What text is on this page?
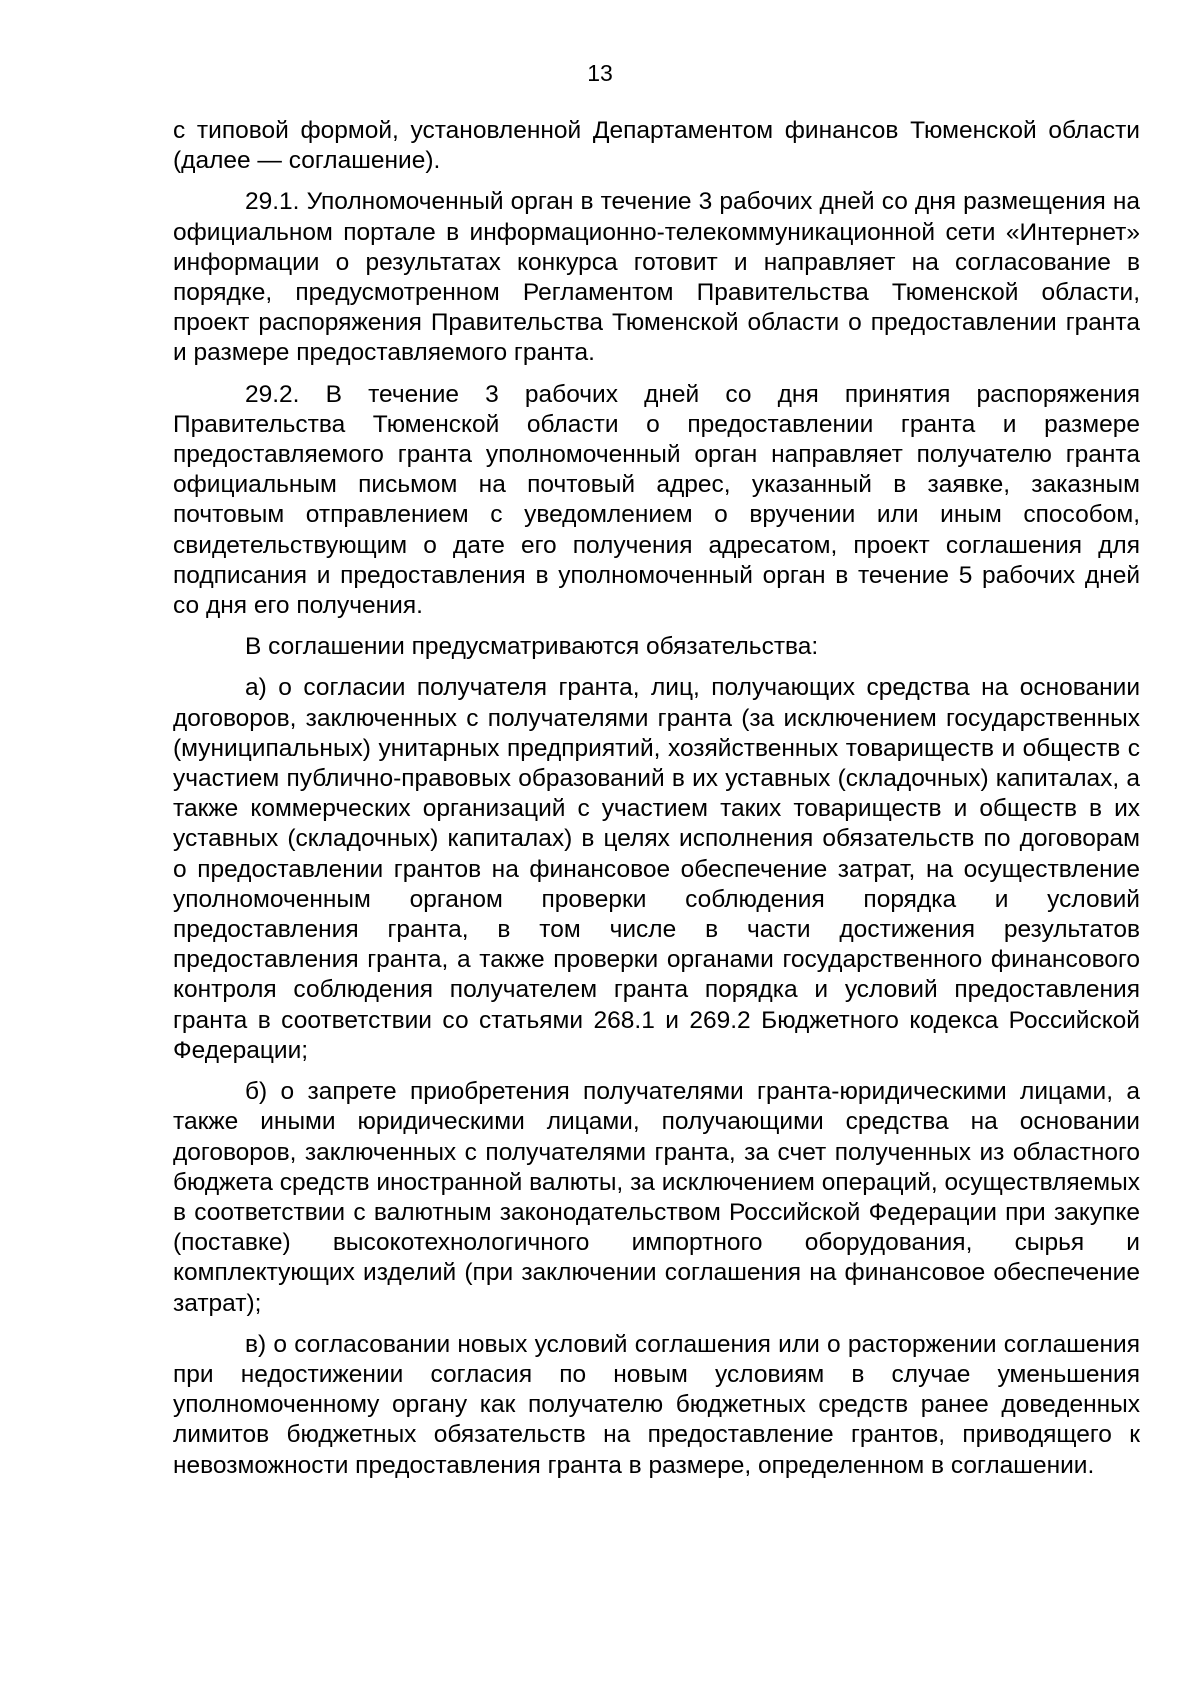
13

с типовой формой, установленной Департаментом финансов Тюменской области (далее — соглашение).

29.1. Уполномоченный орган в течение 3 рабочих дней со дня размещения на официальном портале в информационно-телекоммуникационной сети «Интернет» информации о результатах конкурса готовит и направляет на согласование в порядке, предусмотренном Регламентом Правительства Тюменской области, проект распоряжения Правительства Тюменской области о предоставлении гранта и размере предоставляемого гранта.

29.2. В течение 3 рабочих дней со дня принятия распоряжения Правительства Тюменской области о предоставлении гранта и размере предоставляемого гранта уполномоченный орган направляет получателю гранта официальным письмом на почтовый адрес, указанный в заявке, заказным почтовым отправлением с уведомлением о вручении или иным способом, свидетельствующим о дате его получения адресатом, проект соглашения для подписания и предоставления в уполномоченный орган в течение 5 рабочих дней со дня его получения.

В соглашении предусматриваются обязательства:

а) о согласии получателя гранта, лиц, получающих средства на основании договоров, заключенных с получателями гранта (за исключением государственных (муниципальных) унитарных предприятий, хозяйственных товариществ и обществ с участием публично-правовых образований в их уставных (складочных) капиталах, а также коммерческих организаций с участием таких товариществ и обществ в их уставных (складочных) капиталах) в целях исполнения обязательств по договорам о предоставлении грантов на финансовое обеспечение затрат, на осуществление уполномоченным органом проверки соблюдения порядка и условий предоставления гранта, в том числе в части достижения результатов предоставления гранта, а также проверки органами государственного финансового контроля соблюдения получателем гранта порядка и условий предоставления гранта в соответствии со статьями 268.1 и 269.2 Бюджетного кодекса Российской Федерации;

б) о запрете приобретения получателями гранта-юридическими лицами, а также иными юридическими лицами, получающими средства на основании договоров, заключенных с получателями гранта, за счет полученных из областного бюджета средств иностранной валюты, за исключением операций, осуществляемых в соответствии с валютным законодательством Российской Федерации при закупке (поставке) высокотехнологичного импортного оборудования, сырья и комплектующих изделий (при заключении соглашения на финансовое обеспечение затрат);

в) о согласовании новых условий соглашения или о расторжении соглашения при недостижении согласия по новым условиям в случае уменьшения уполномоченному органу как получателю бюджетных средств ранее доведенных лимитов бюджетных обязательств на предоставление грантов, приводящего к невозможности предоставления гранта в размере, определенном в соглашении.
